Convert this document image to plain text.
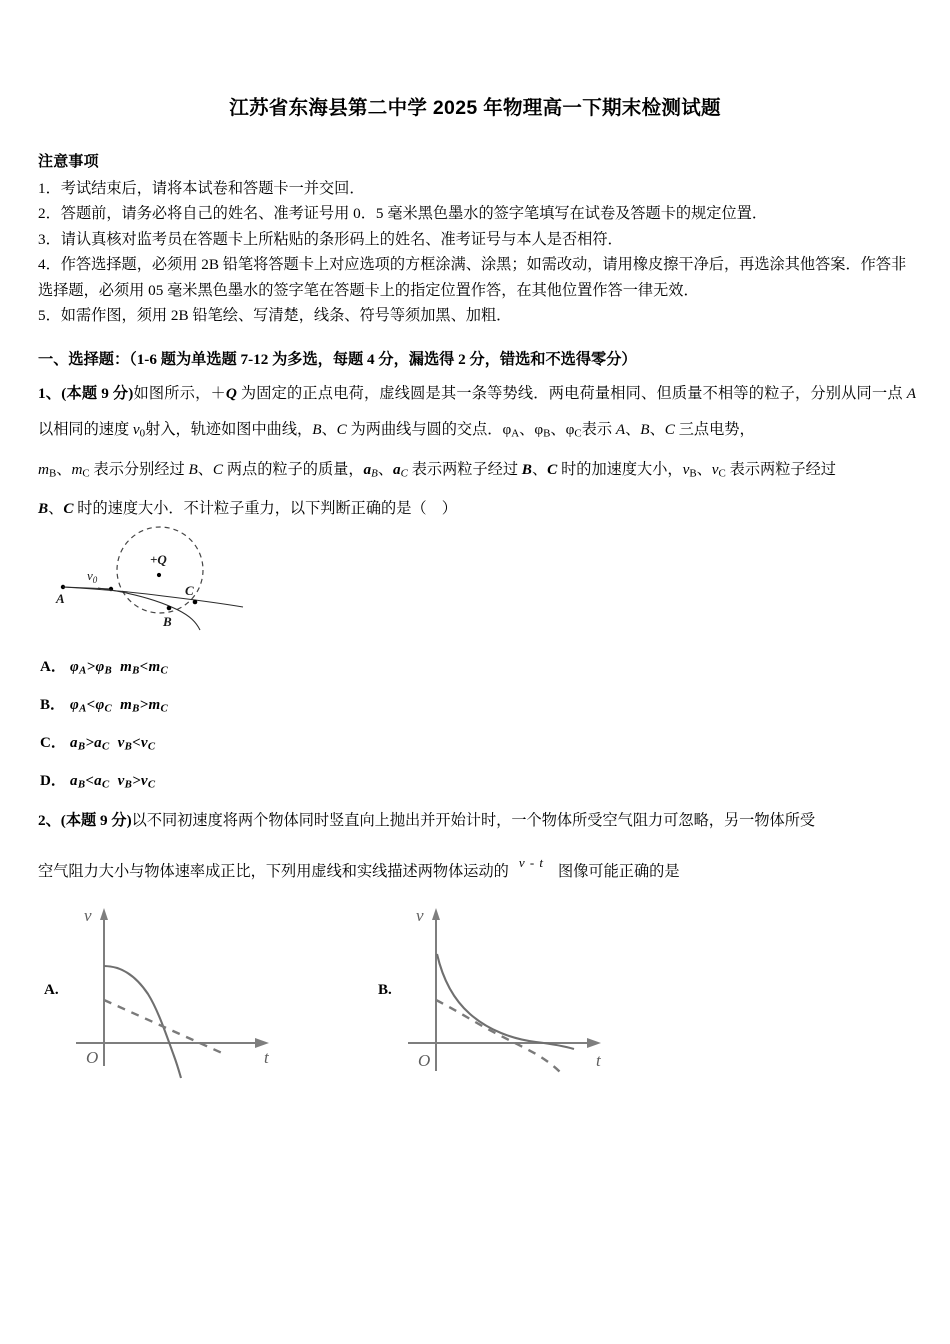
江苏省东海县第二中学 2025 年物理高一下期末检测试题
注意事项
1．考试结束后，请将本试卷和答题卡一并交回．
2．答题前，请务必将自己的姓名、准考证号用 0．5 毫米黑色墨水的签字笔填写在试卷及答题卡的规定位置．
3．请认真核对监考员在答题卡上所粘贴的条形码上的姓名、准考证号与本人是否相符．
4．作答选择题，必须用 2B 铅笔将答题卡上对应选项的方框涂满、涂黑；如需改动，请用橡皮擦干净后，再选涂其他答案．作答非选择题，必须用 05 毫米黑色墨水的签字笔在答题卡上的指定位置作答，在其他位置作答一律无效．
5．如需作图，须用 2B 铅笔绘、写清楚，线条、符号等须加黑、加粗．
一、选择题：（1-6 题为单选题 7-12 为多选，每题 4 分，漏选得 2 分，错选和不选得零分）

1、(本题 9 分)如图所示，＋Q 为固定的正点电荷，虚线圆是其一条等势线．两电荷量相同、但质量不相等的粒子，分别从同一点 A 以相同的速度 v0射入，轨迹如图中曲线，B、C 为两曲线与圆的交点．φA、φB、φC表示 A、B、C 三点电势，

mB、mC 表示分别经过 B、C 两点的粒子的质量，$a_B$、$a_C$ 表示两粒子经过 B、C 时的加速度大小，vB、vC 表示两粒子经过

B、C 时的速度大小．不计粒子重力，以下判断正确的是（　）

+Q
A
$v_0$
C
B
A． φA>φB  mB<mC
B． φA<φC  mB>mC
C． aB>aC  vB<vC
D． aB<aC  vB>vC

2、(本题 9 分)以不同初速度将两个物体同时竖直向上抛出并开始计时，一个物体所受空气阻力可忽略，另一物体所受

空气阻力大小与物体速率成正比，下列用虚线和实线描述两物体运动的v - t图像可能正确的是

A.	B.
v
O	t
v
O	t
